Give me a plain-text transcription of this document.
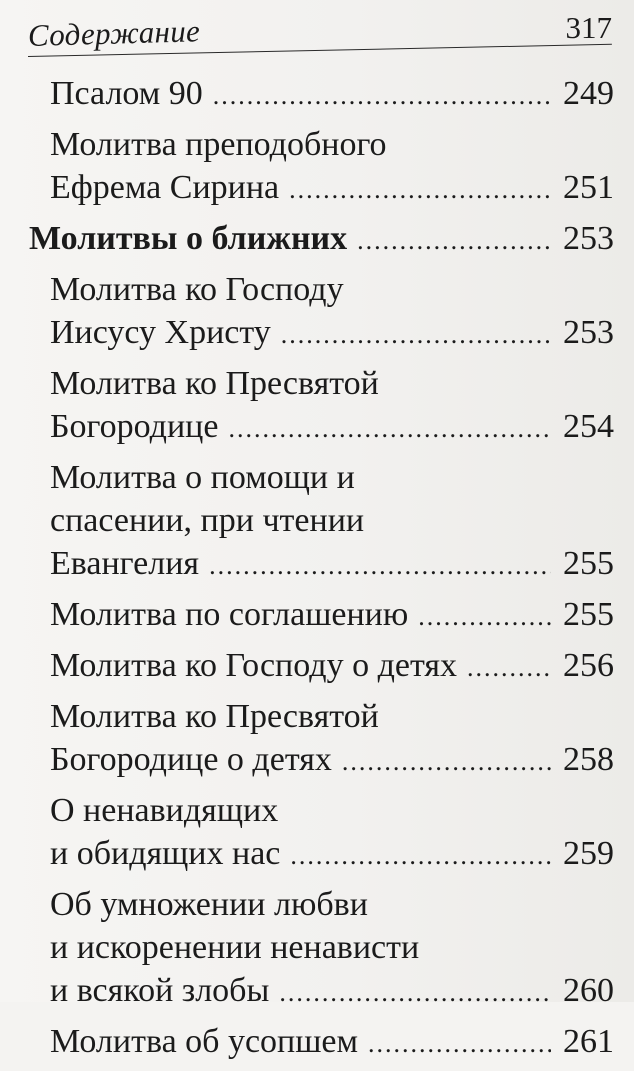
Содержание	317
Псалом 90 .....	249
Молитва преподобного
Ефрема Сирина .....	251
Молитвы о ближних .....	253
Молитва ко Господу
Иисусу Христу .....	253
Молитва ко Пресвятой
Богородице .....	254
Молитва о помощи и
спасении, при чтении
Евангелия .....	255
Молитва по соглашению .....	255
Молитва ко Господу о детях .....	256
Молитва ко Пресвятой
Богородице о детях .....	258
О ненавидящих
и обидящих нас .....	259
Об умножении любви
и искоренении ненависти
и всякой злобы .....	260
Молитва об усопшем .....	261
